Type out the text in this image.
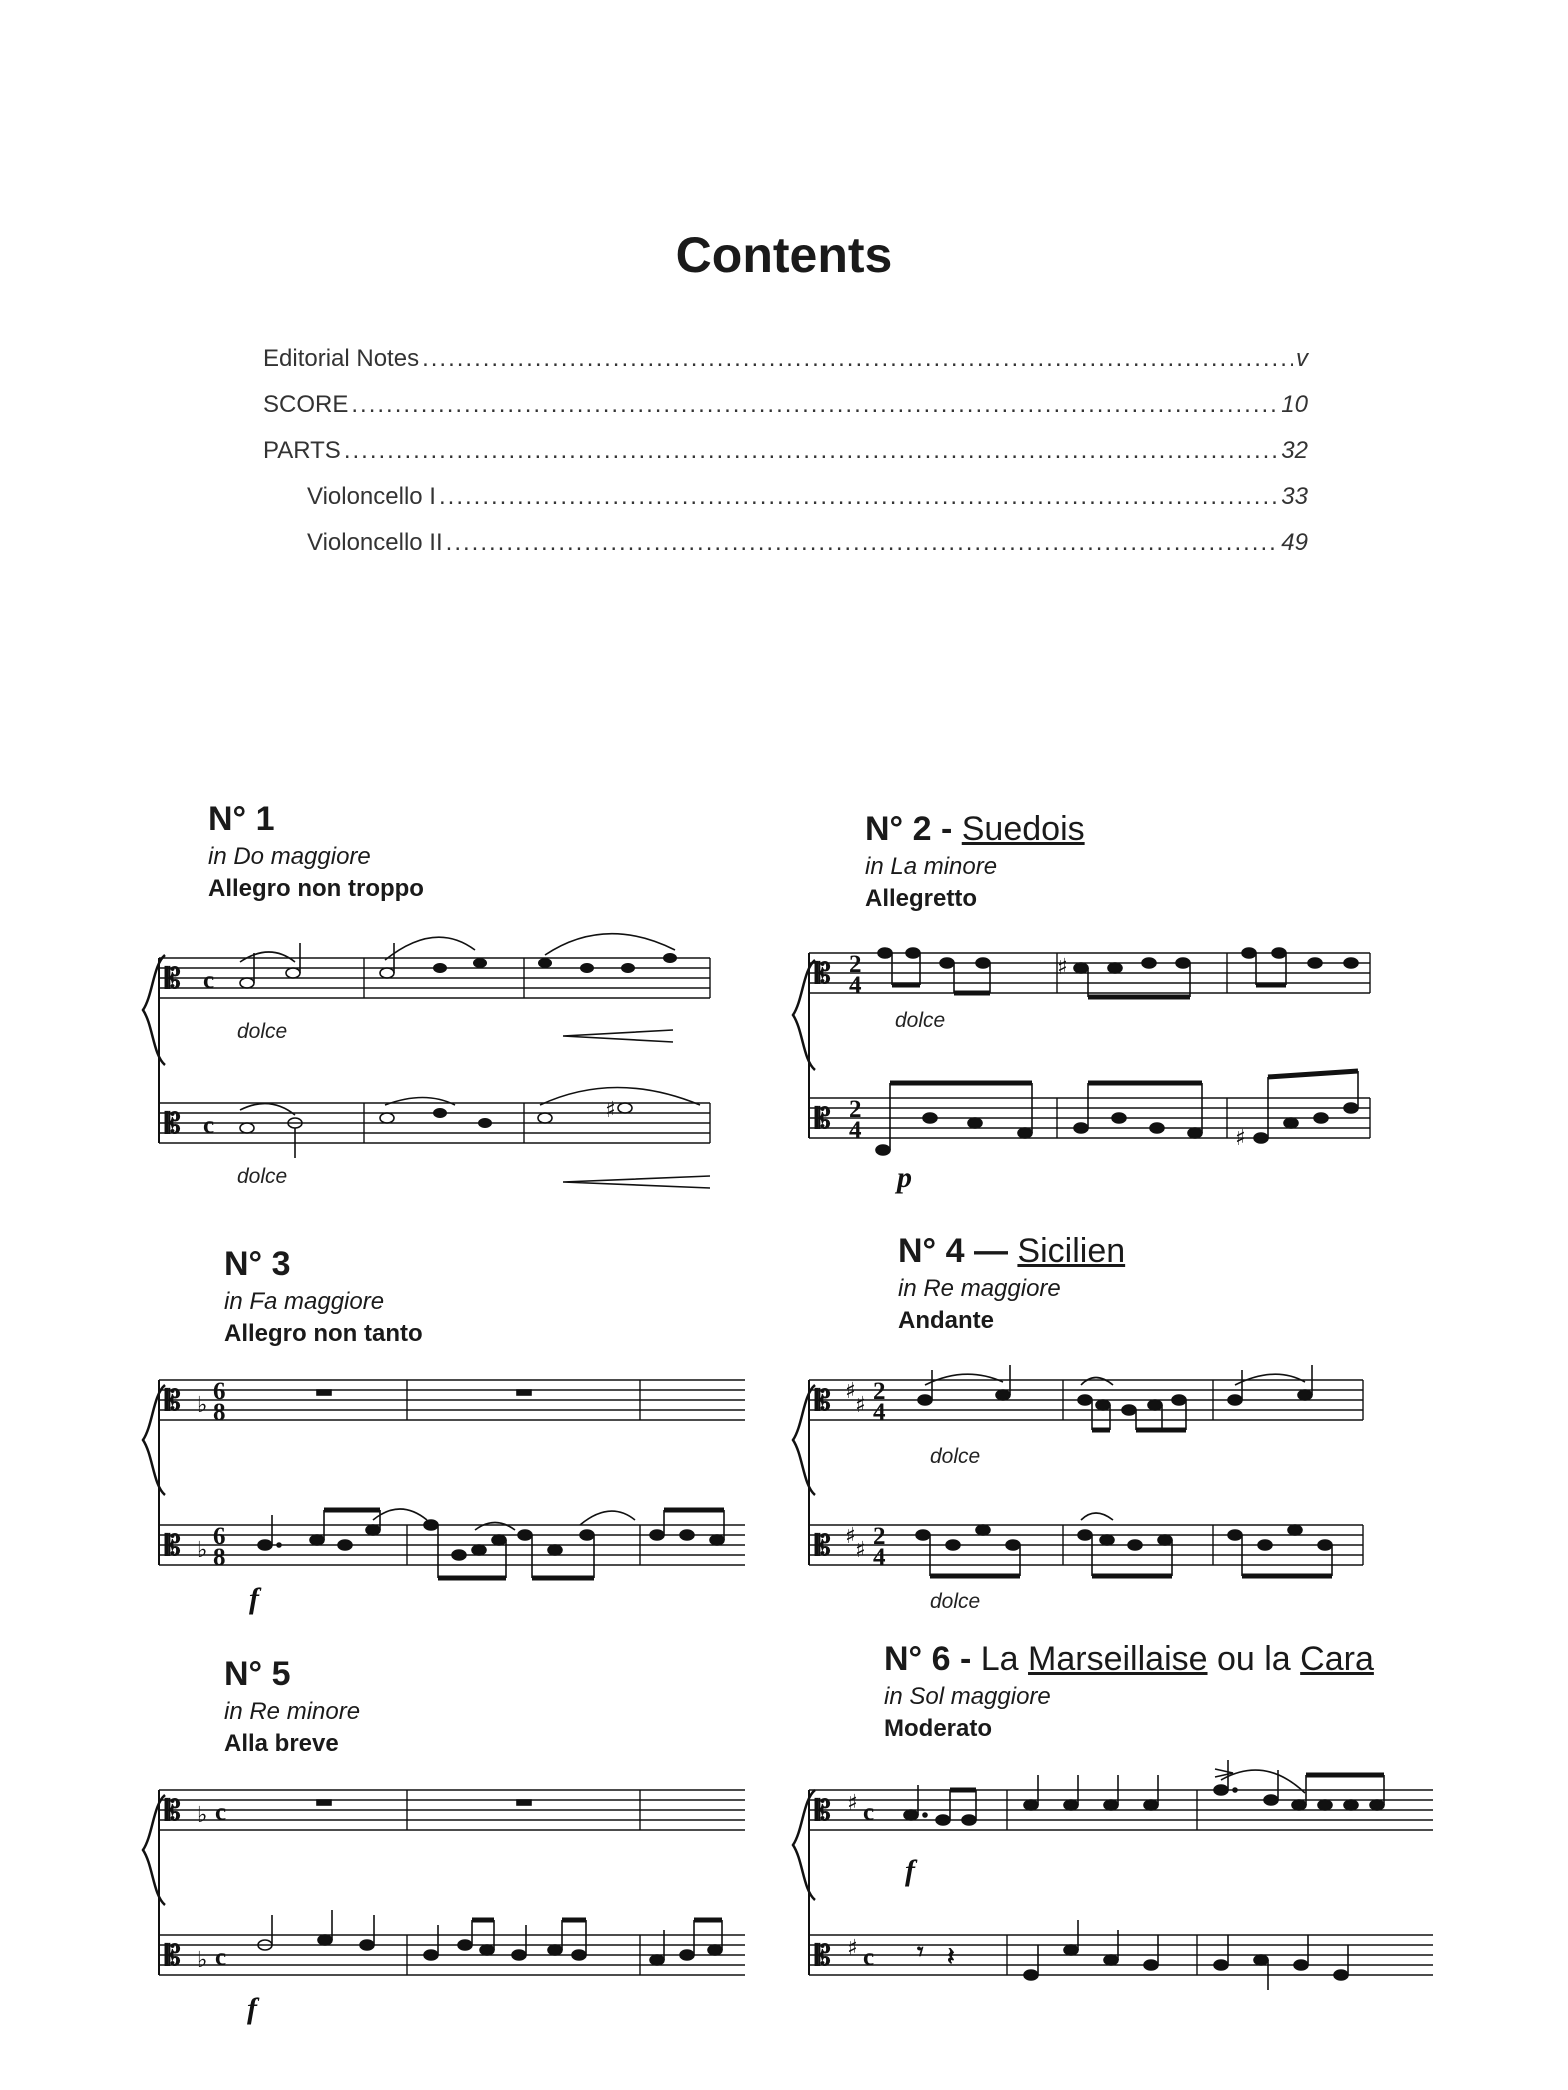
Contents
Editorial Notes .....	v
SCORE .....	10
PARTS .....	32
Violoncello I .....	33
Violoncello II .....	49
N° 1
in Do maggiore
Allegro non troppo
𝄡
𝄡
c
c
♯
dolce
dolce
N° 2 - Suedois
in La minore
Allegretto
𝄡
𝄡
2
4
2
4
♯
♯
dolce
p
N° 3
in Fa maggiore
Allegro non tanto
𝄡
𝄡
♭
♭
6
8
6
8
f
N° 4 — Sicilien
in Re maggiore
Andante
𝄡
𝄡
♯
♯
♯
♯
2
4
2
4
dolce
dolce
N° 5
in Re minore
Alla breve
𝄡
𝄡
♭
♭
c
c
f
N° 6 - La Marseillaise ou la Cara
in Sol maggiore
Moderato
𝄡
𝄡
♯
♯
c
c 𝄾 𝄽
f
